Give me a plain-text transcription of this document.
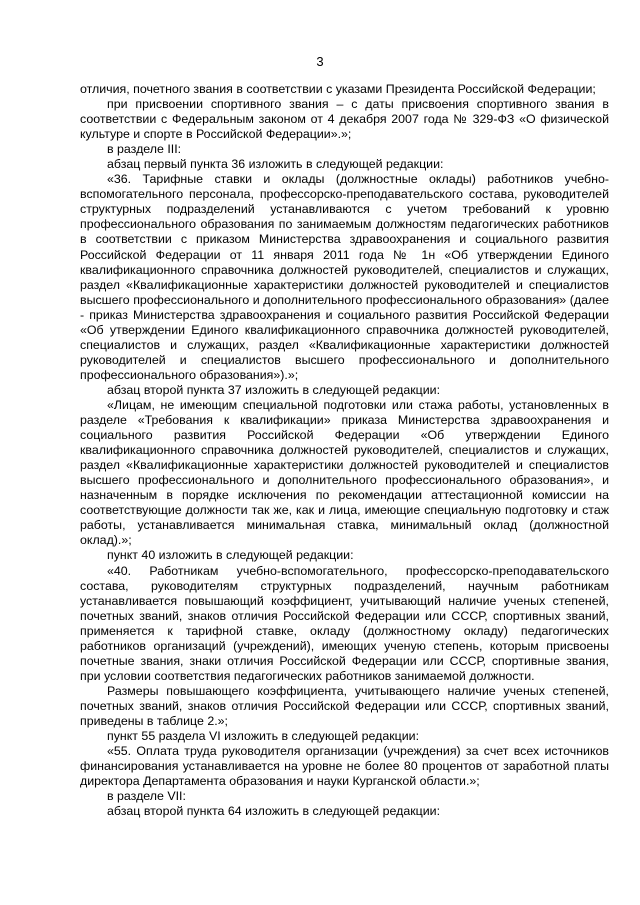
3

отличия, почетного звания в соответствии с указами Президента Российской Федерации;

при присвоении спортивного звания – с даты присвоения спортивного звания в соответствии с Федеральным законом от 4 декабря 2007 года № 329-ФЗ «О физической культуре и спорте в Российской Федерации».»;

в разделе III:

абзац первый пункта 36 изложить в следующей редакции:

«36. Тарифные ставки и оклады (должностные оклады) работников учебно-вспомогательного персонала, профессорско-преподавательского состава, руководителей структурных подразделений устанавливаются с учетом требований к уровню профессионального образования по занимаемым должностям педагогических работников в соответствии с приказом Министерства здравоохранения и социального развития Российской Федерации от 11 января 2011 года № 1н «Об утверждении Единого квалификационного справочника должностей руководителей, специалистов и служащих, раздел «Квалификационные характеристики должностей руководителей и специалистов высшего профессионального и дополнительного профессионального образования» (далее - приказ Министерства здравоохранения и социального развития Российской Федерации «Об утверждении Единого квалификационного справочника должностей руководителей, специалистов и служащих, раздел «Квалификационные характеристики должностей руководителей и специалистов высшего профессионального и дополнительного профессионального образования»).»;

абзац второй пункта 37 изложить в следующей редакции:

«Лицам, не имеющим специальной подготовки или стажа работы, установленных в разделе «Требования к квалификации» приказа Министерства здравоохранения и социального развития Российской Федерации «Об утверждении Единого квалификационного справочника должностей руководителей, специалистов и служащих, раздел «Квалификационные характеристики должностей руководителей и специалистов высшего профессионального и дополнительного профессионального образования», и назначенным в порядке исключения по рекомендации аттестационной комиссии на соответствующие должности так же, как и лица, имеющие специальную подготовку и стаж работы, устанавливается минимальная ставка, минимальный оклад (должностной оклад).»;

пункт 40 изложить в следующей редакции:

«40. Работникам учебно-вспомогательного, профессорско-преподавательского состава, руководителям структурных подразделений, научным работникам устанавливается повышающий коэффициент, учитывающий наличие ученых степеней, почетных званий, знаков отличия Российской Федерации или СССР, спортивных званий, применяется к тарифной ставке, окладу (должностному окладу) педагогических работников организаций (учреждений), имеющих ученую степень, которым присвоены почетные звания, знаки отличия Российской Федерации или СССР, спортивные звания, при условии соответствия педагогических работников занимаемой должности.

Размеры повышающего коэффициента, учитывающего наличие ученых степеней, почетных званий, знаков отличия Российской Федерации или СССР, спортивных званий, приведены в таблице 2.»;

пункт 55 раздела VI изложить в следующей редакции:

«55. Оплата труда руководителя организации (учреждения) за счет всех источников финансирования устанавливается на уровне не более 80 процентов от заработной платы директора Департамента образования и науки Курганской области.»;

в разделе VII:

абзац второй пункта 64 изложить в следующей редакции:
